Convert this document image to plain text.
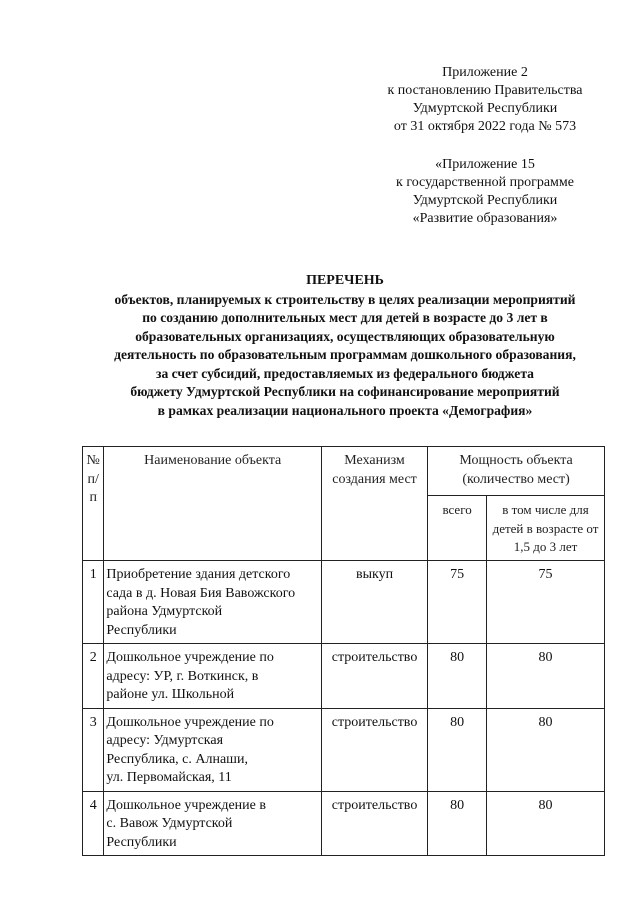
Приложение 2
к постановлению Правительства
Удмуртской Республики
от 31 октября 2022 года № 573
«Приложение 15
к государственной программе
Удмуртской Республики
«Развитие образования»
ПЕРЕЧЕНЬ
объектов, планируемых к строительству в целях реализации мероприятий
по созданию дополнительных мест для детей в возрасте до 3 лет в
образовательных организациях, осуществляющих образовательную
деятельность по образовательным программам дошкольного образования,
за счет субсидий, предоставляемых из федерального бюджета
бюджету Удмуртской Республики на софинансирование мероприятий
в рамках реализации национального проекта «Демография»
№ п/п	Наименование объекта	Механизм создания мест	Мощность объекта (количество мест)	
			всего	в том числе для детей в возрасте от 1,5 до 3 лет
1	Приобретение здания детского
сада в д. Новая Бия Вавожского
района Удмуртской
Республики	выкуп	75	75
2	Дошкольное учреждение по
адресу: УР, г. Воткинск, в
районе ул. Школьной	строительство	80	80
3	Дошкольное учреждение по
адресу: Удмуртская
Республика, с. Алнаши,
ул. Первомайская, 11	строительство	80	80
4	Дошкольное учреждение в
с. Вавож Удмуртской
Республики	строительство	80	80
